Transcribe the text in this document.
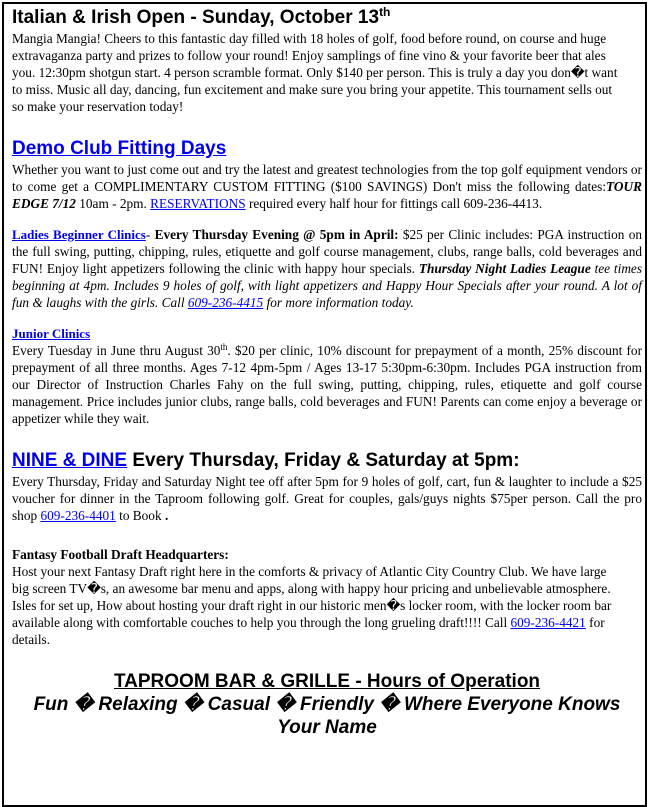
Italian & Irish Open - Sunday, October 13th

Mangia Mangia! Cheers to this fantastic day filled with 18 holes of golf, food before round, on course and huge extravaganza party and prizes to follow your round! Enjoy samplings of fine vino & your favorite beer that ales you. 12:30pm shotgun start. 4 person scramble format. Only $140 per person. This is truly a day you don�t want to miss. Music all day, dancing, fun excitement and make sure you bring your appetite. This tournament sells out so make your reservation today!

Demo Club Fitting Days

Whether you want to just come out and try the latest and greatest technologies from the top golf equipment vendors or to come get a COMPLIMENTARY CUSTOM FITTING ($100 SAVINGS) Don't miss the following dates:TOUR EDGE 7/12 10am - 2pm. RESERVATIONS required every half hour for fittings call 609-236-4413.

Ladies Beginner Clinics- Every Thursday Evening @ 5pm in April: $25 per Clinic includes: PGA instruction on the full swing, putting, chipping, rules, etiquette and golf course management, clubs, range balls, cold beverages and FUN! Enjoy light appetizers following the clinic with happy hour specials. Thursday Night Ladies League tee times beginning at 4pm. Includes 9 holes of golf, with light appetizers and Happy Hour Specials after your round. A lot of fun & laughs with the girls. Call 609-236-4415 for more information today.

Junior Clinics

Every Tuesday in June thru August 30th. $20 per clinic, 10% discount for prepayment of a month, 25% discount for prepayment of all three months. Ages 7-12 4pm-5pm / Ages 13-17 5:30pm-6:30pm. Includes PGA instruction from our Director of Instruction Charles Fahy on the full swing, putting, chipping, rules, etiquette and golf course management. Price includes junior clubs, range balls, cold beverages and FUN! Parents can come enjoy a beverage or appetizer while they wait.

NINE & DINE Every Thursday, Friday & Saturday at 5pm:

Every Thursday, Friday and Saturday Night tee off after 5pm for 9 holes of golf, cart, fun & laughter to include a $25 voucher for dinner in the Taproom following golf. Great for couples, gals/guys nights $75per person. Call the pro shop 609-236-4401 to Book .

Fantasy Football Draft Headquarters:

Host your next Fantasy Draft right here in the comforts & privacy of Atlantic City Country Club. We have large big screen TV�s, an awesome bar menu and apps, along with happy hour pricing and unbelievable atmosphere. Isles for set up, How about hosting your draft right in our historic men�s locker room, with the locker room bar available along with comfortable couches to help you through the long grueling draft!!!! Call 609-236-4421 for details.

TAPROOM BAR & GRILLE - Hours of Operation
Fun � Relaxing � Casual � Friendly � Where Everyone Knows Your Name
